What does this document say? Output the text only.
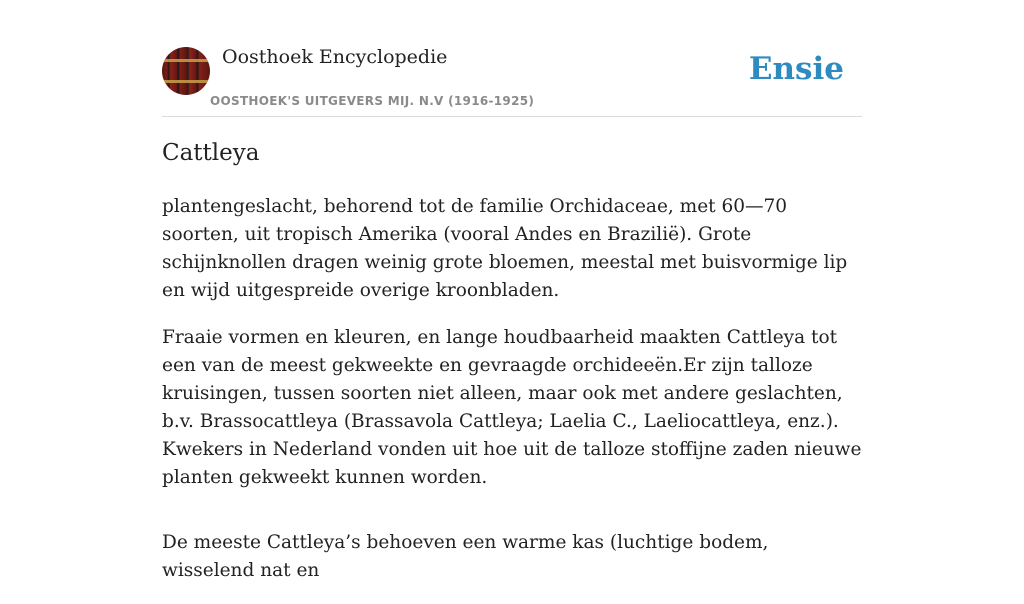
Oosthoek Encyclopedie
OOSTHOEK'S UITGEVERS MIJ. N.V (1916-1925)
Ensie
Cattleya

plantengeslacht, behorend tot de familie Orchidaceae, met 60—70 soorten, uit tropisch Amerika (vooral Andes en Brazilië). Grote schijnknollen dragen weinig grote bloemen, meestal met buisvormige lip en wijd uitgespreide overige kroonbladen.

Fraaie vormen en kleuren, en lange houdbaarheid maakten Cattleya tot een van de meest gekweekte en gevraagde orchideeën.Er zijn talloze kruisingen, tussen soorten niet alleen, maar ook met andere geslachten, b.v. Brassocattleya (Brassavola Cattleya; Laelia C., Laeliocattleya, enz.). Kwekers in Nederland vonden uit hoe uit de talloze stoffijne zaden nieuwe planten gekweekt kunnen worden.

De meeste Cattleya’s behoeven een warme kas (luchtige bodem, wisselend nat en
